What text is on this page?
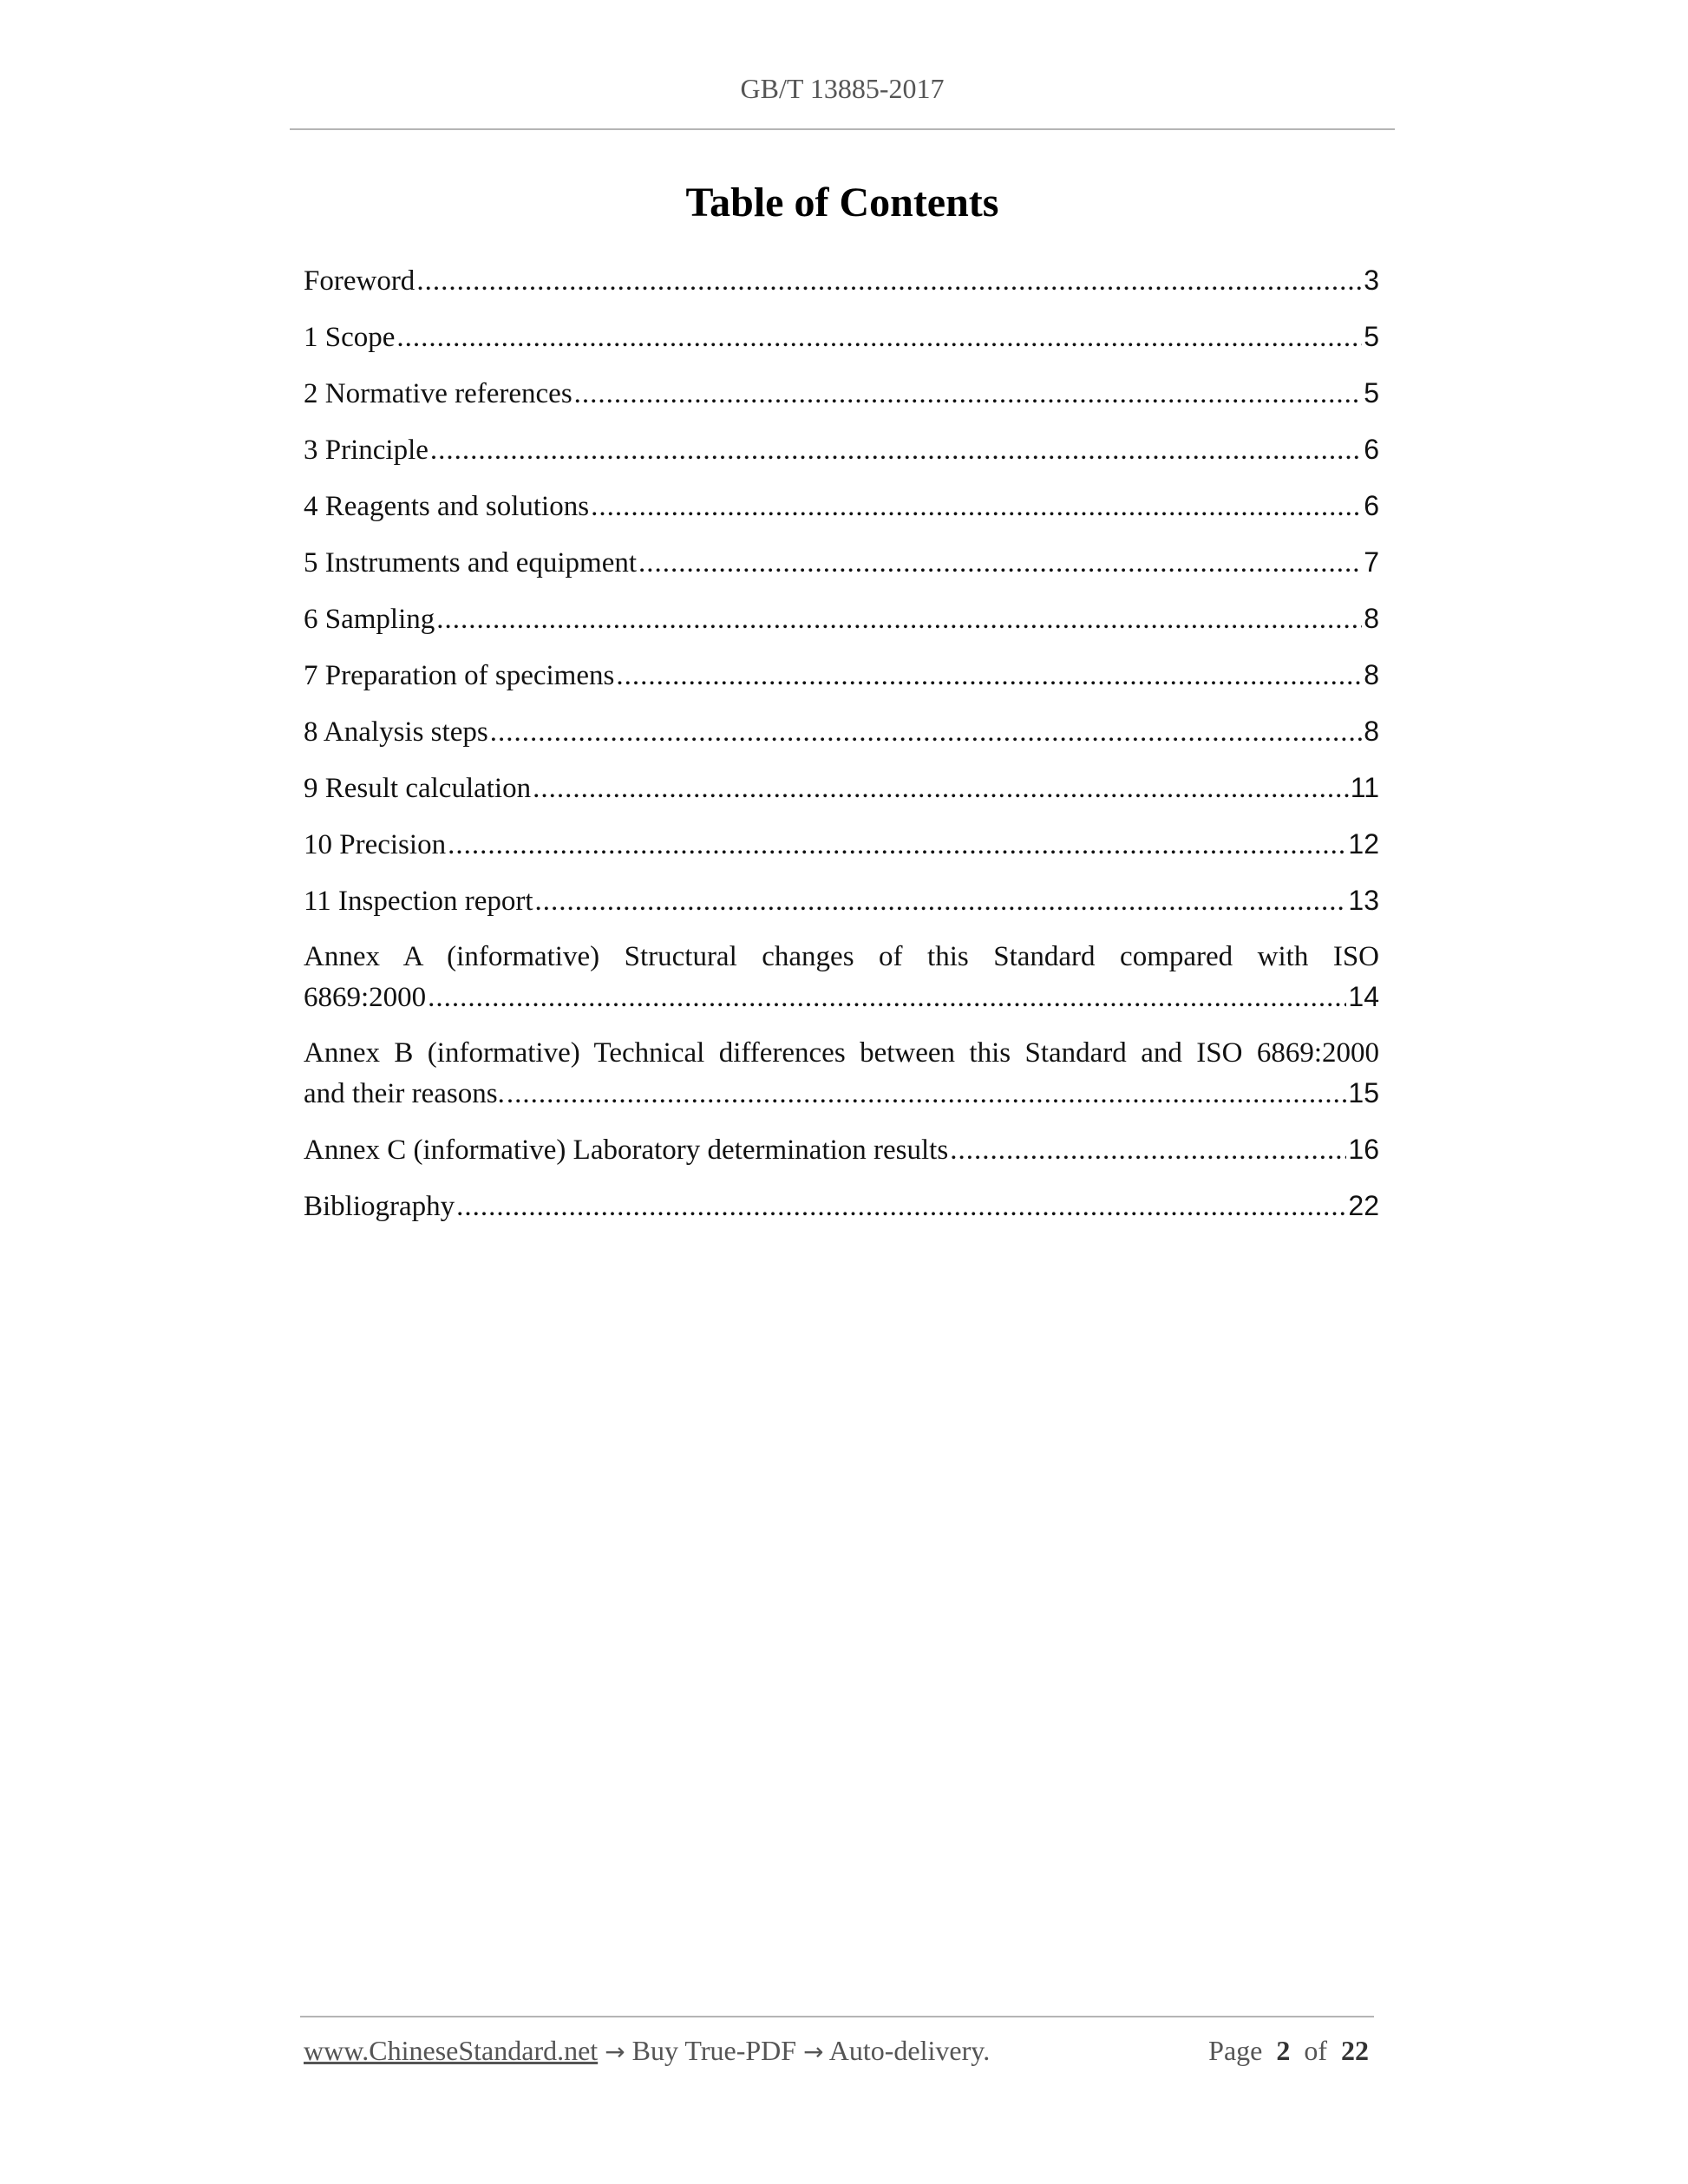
GB/T 13885-2017
Table of Contents
Foreword .....	3
1 Scope .....	5
2 Normative references .....	5
3 Principle .....	6
4 Reagents and solutions .....	6
5 Instruments and equipment .....	7
6 Sampling .....	8
7 Preparation of specimens .....	8
8 Analysis steps .....	8
9 Result calculation .....	11
10 Precision .....	12
11 Inspection report .....	13
Annex A (informative) Structural changes of this Standard compared with ISO
6869:2000 .....	14
Annex B (informative) Technical differences between this Standard and ISO 6869:2000
and their reasons. .....	15
Annex C (informative) Laboratory determination results .....	16
Bibliography .....	22
www.ChineseStandard.net → Buy True-PDF → Auto-delivery.	Page 2 of 22
